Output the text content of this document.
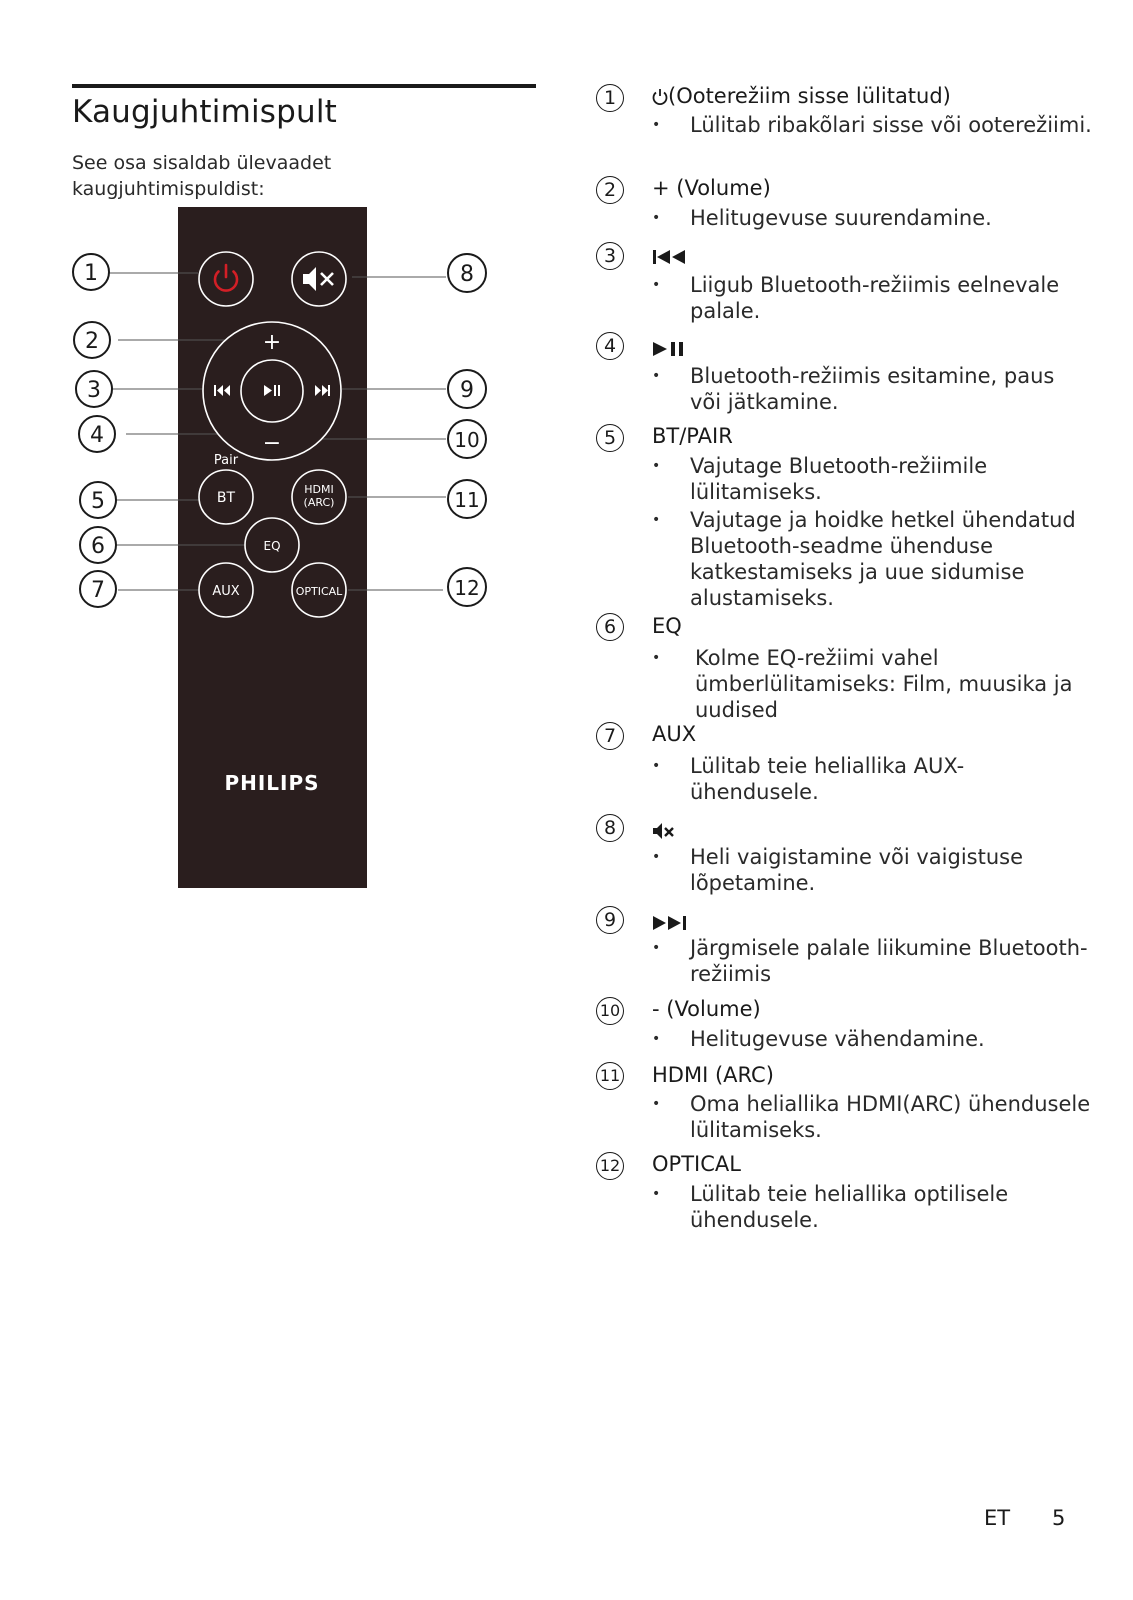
Kaugjuhtimispult

See osa sisaldab ülevaadet kaugjuhtimispuldist:

1
2
3
4
5
6
7
8
9
10
11
12
+
−
Pair
BT
HDMI
(ARC)
EQ
AUX	OPTICAL
PHILIPS
1	(Ooterežiim sisse lülitatud)
• Lülitab ribakõlari sisse või ooterežiimi.
2	+ (Volume)
• Helitugevuse suurendamine.
3
• Liigub Bluetooth-režiimis eelnevale palale.
4
• Bluetooth-režiimis esitamine, paus või jätkamine.
5	BT/PAIR
• Vajutage Bluetooth-režiimile lülitamiseks.
• Vajutage ja hoidke hetkel ühendatud Bluetooth-seadme ühenduse katkestamiseks ja uue sidumise alustamiseks.
6	EQ
• Kolme EQ-režiimi vahel ümberlülitamiseks: Film, muusika ja uudised
7	AUX
• Lülitab teie heliallika AUX-ühendusele.
8
• Heli vaigistamine või vaigistuse lõpetamine.
9
• Järgmisele palale liikumine Bluetooth-režiimis
10 - (Volume)
• Helitugevuse vähendamine.
11 HDMI (ARC)
• Oma heliallika HDMI(ARC) ühendusele lülitamiseks.
12 OPTICAL
• Lülitab teie heliallika optilisele ühendusele.
ET 5
